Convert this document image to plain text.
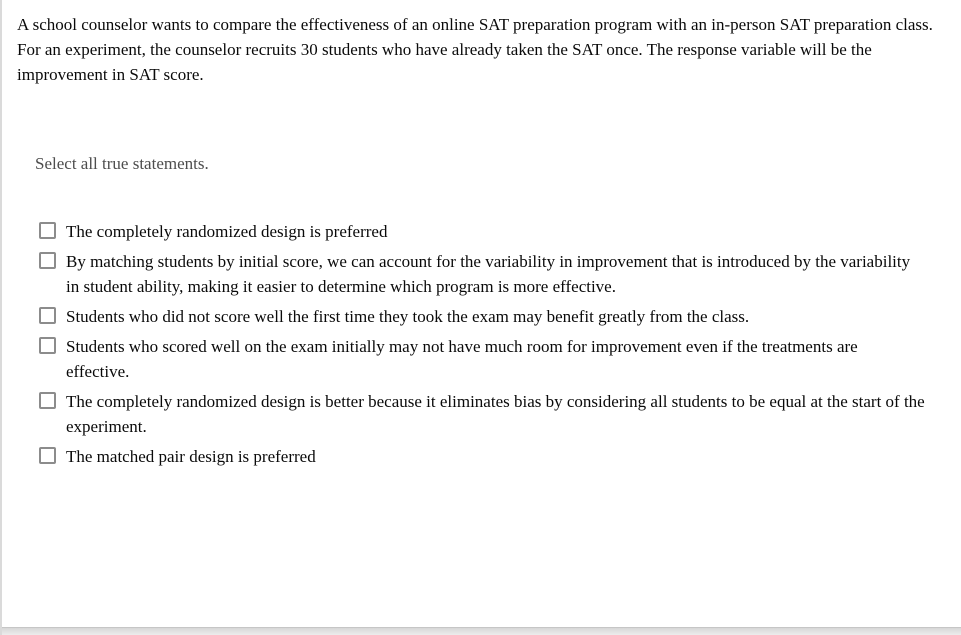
A school counselor wants to compare the effectiveness of an online SAT preparation program with an in-person SAT preparation class. For an experiment, the counselor recruits 30 students who have already taken the SAT once. The response variable will be the improvement in SAT score.

Select all true statements.
The completely randomized design is preferred
By matching students by initial score, we can account for the variability in improvement that is introduced by the variability in student ability, making it easier to determine which program is more effective.
Students who did not score well the first time they took the exam may benefit greatly from the class.
Students who scored well on the exam initially may not have much room for improvement even if the treatments are effective.
The completely randomized design is better because it eliminates bias by considering all students to be equal at the start of the experiment.
The matched pair design is preferred
